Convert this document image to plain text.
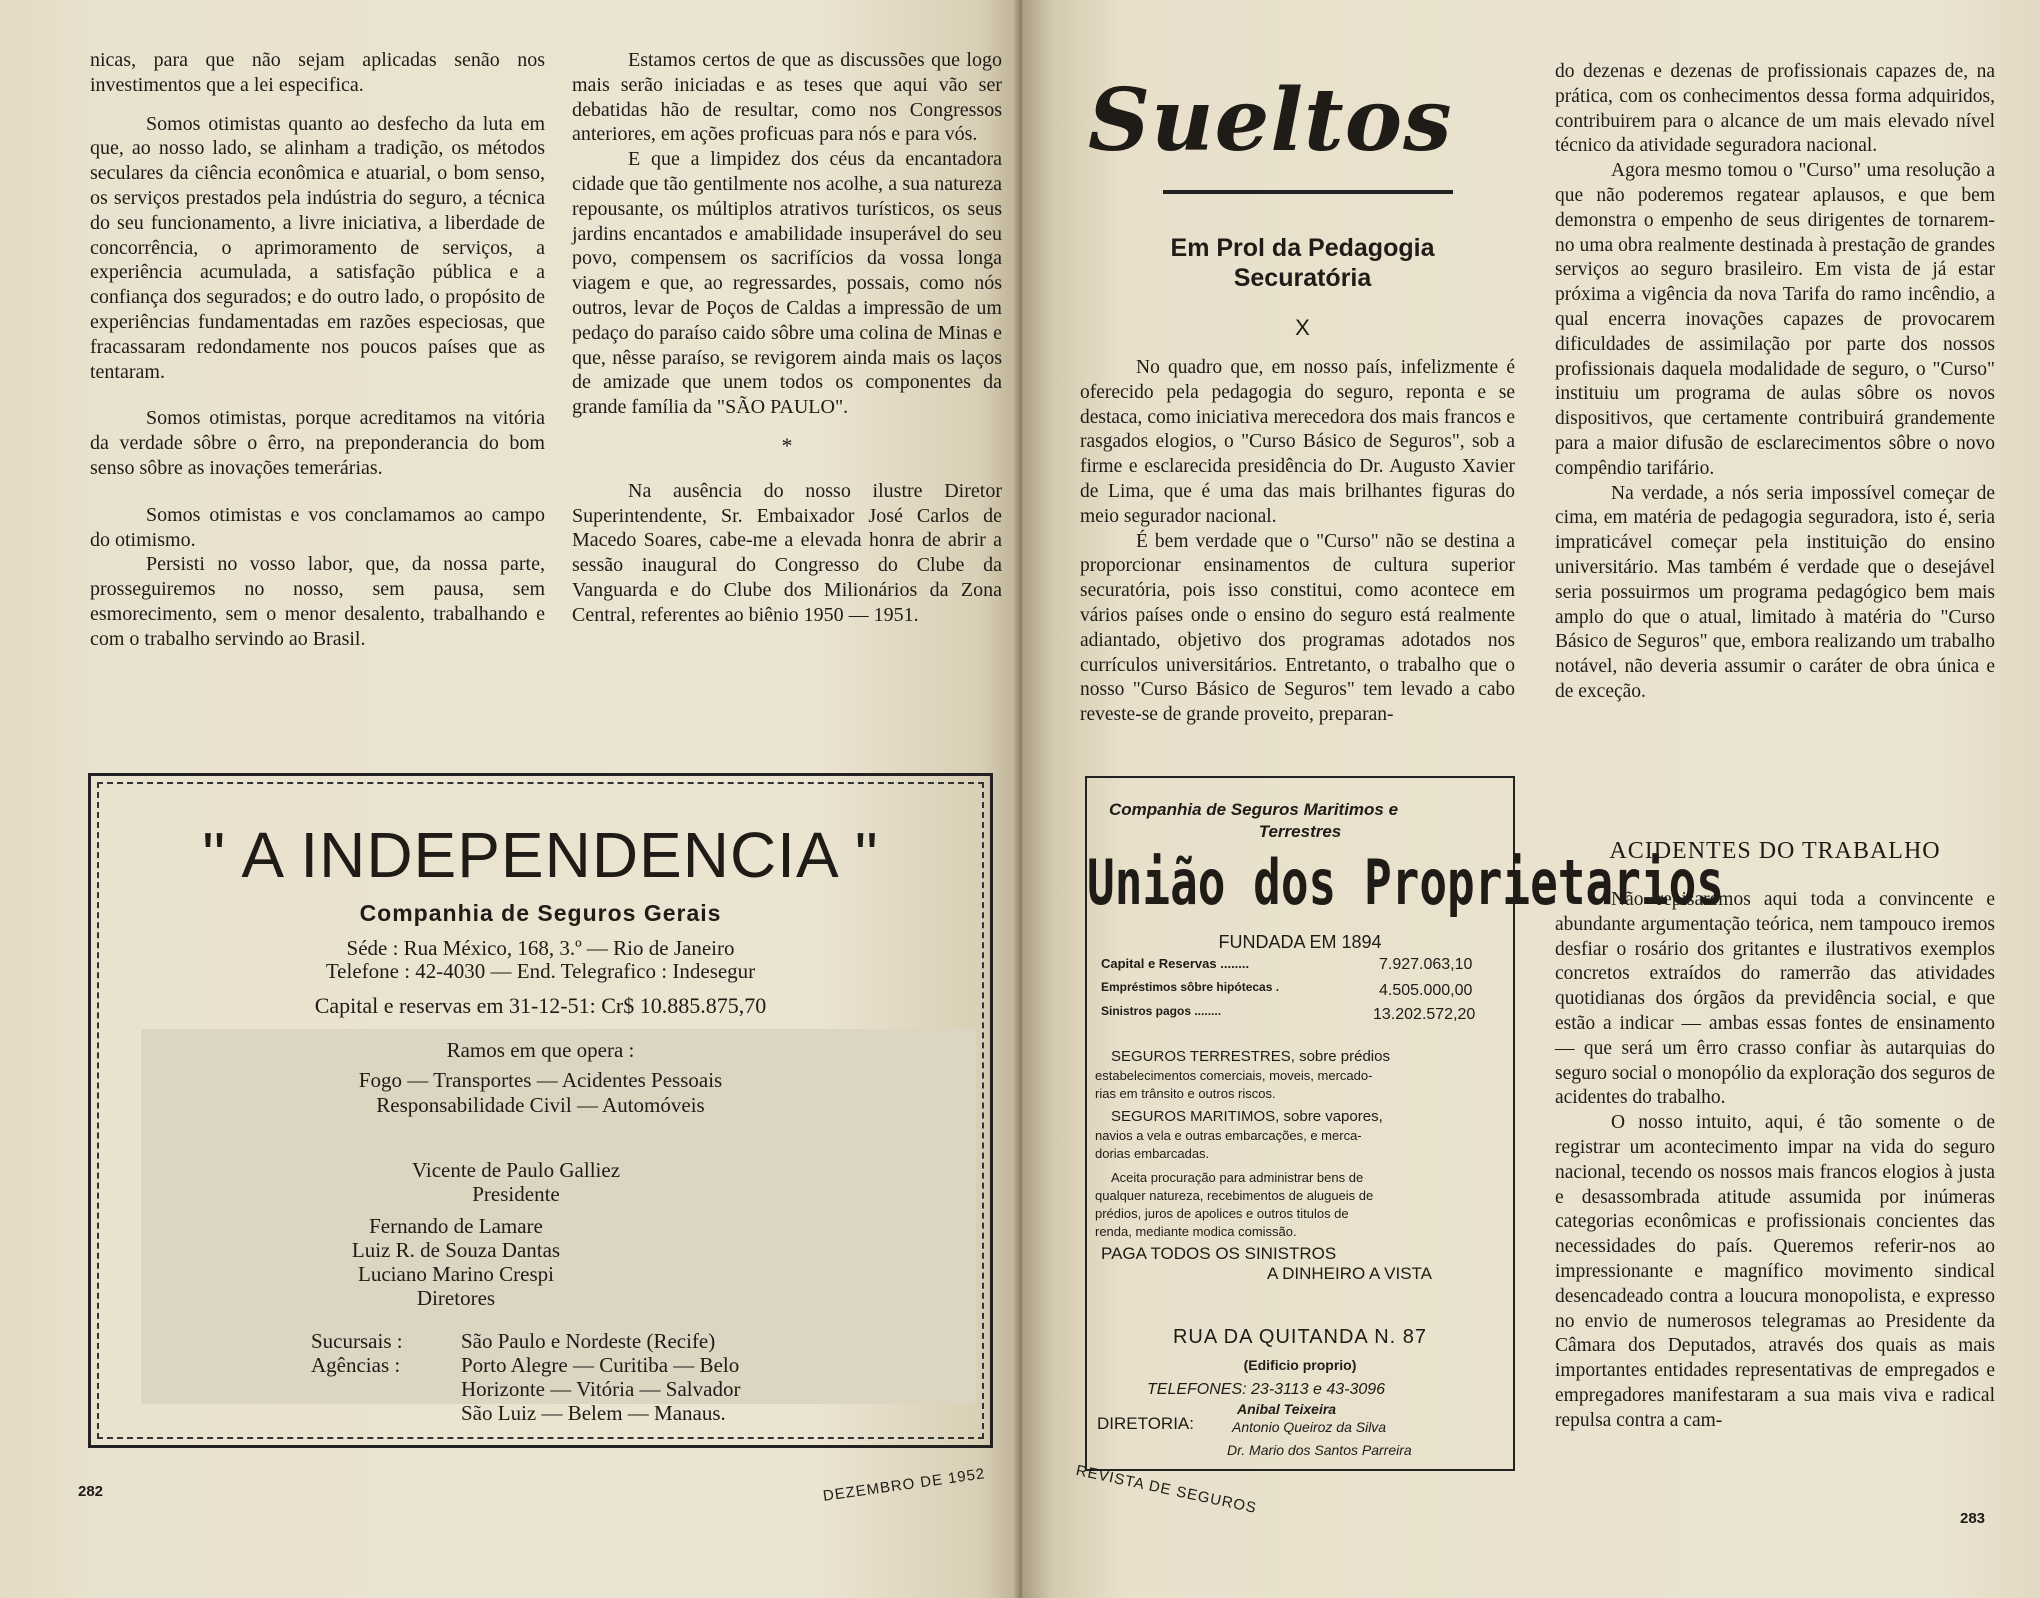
nicas, para que não sejam aplicadas senão nos investimentos que a lei especifica.

Somos otimistas quanto ao desfecho da luta em que, ao nosso lado, se alinham a tradição, os métodos seculares da ciência econômica e atuarial, o bom senso, os serviços prestados pela indústria do seguro, a técnica do seu funcionamento, a livre iniciativa, a liberdade de concorrência, o aprimoramento de serviços, a experiência acumulada, a satisfação pública e a confiança dos segurados; e do outro lado, o propósito de experiências fundamentadas em razões especiosas, que fracassaram redondamente nos poucos países que as tentaram.

Somos otimistas, porque acreditamos na vitória da verdade sôbre o êrro, na preponderancia do bom senso sôbre as inovações temerárias.

Somos otimistas e vos conclamamos ao campo do otimismo.

Persisti no vosso labor, que, da nossa parte, prosseguiremos no nosso, sem pausa, sem esmorecimento, sem o menor desalento, trabalhando e com o trabalho servindo ao Brasil.

Estamos certos de que as discussões que logo mais serão iniciadas e as teses que aqui vão ser debatidas hão de resultar, como nos Congressos anteriores, em ações proficuas para nós e para vós.

E que a limpidez dos céus da encantadora cidade que tão gentilmente nos acolhe, a sua natureza repousante, os múltiplos atrativos turísticos, os seus jardins encantados e amabilidade insuperável do seu povo, compensem os sacrifícios da vossa longa viagem e que, ao regressardes, possais, como nós outros, levar de Poços de Caldas a impressão de um pedaço do paraíso caido sôbre uma colina de Minas e que, nêsse paraíso, se revigorem ainda mais os laços de amizade que unem todos os componentes da grande família da "SÃO PAULO".

*

Na ausência do nosso ilustre Diretor Superintendente, Sr. Embaixador José Carlos de Macedo Soares, cabe-me a elevada honra de abrir a sessão inaugural do Congresso do Clube da Vanguarda e do Clube dos Milionários da Zona Central, referentes ao biênio 1950 — 1951.

" A INDEPENDENCIA "
Companhia de Seguros Gerais
Séde : Rua México, 168, 3.º — Rio de Janeiro
Telefone : 42-4030 — End. Telegrafico : Indesegur
Capital e reservas em 31-12-51: Cr$ 10.885.875,70
Ramos em que opera :
Fogo — Transportes — Acidentes Pessoais
Responsabilidade Civil — Automóveis
Vicente de Paulo Galliez
Presidente
Fernando de Lamare
Luiz R. de Souza Dantas
Luciano Marino Crespi
Diretores
Sucursais :	São Paulo e Nordeste (Recife)
Agências :	Porto Alegre — Curitiba — Belo
Horizonte — Vitória — Salvador
São Luiz — Belem — Manaus.
282	DEZEMBRO DE 1952
Sueltos
Em Prol da Pedagogia
Securatória
X

No quadro que, em nosso país, infelizmente é oferecido pela pedagogia do seguro, reponta e se destaca, como iniciativa merecedora dos mais francos e rasgados elogios, o "Curso Básico de Seguros", sob a firme e esclarecida presidência do Dr. Augusto Xavier de Lima, que é uma das mais brilhantes figuras do meio segurador nacional.

É bem verdade que o "Curso" não se destina a proporcionar ensinamentos de cultura superior securatória, pois isso constitui, como acontece em vários países onde o ensino do seguro está realmente adiantado, objetivo dos programas adotados nos currículos universitários. Entretanto, o trabalho que o nosso "Curso Básico de Seguros" tem levado a cabo reveste-se de grande proveito, preparan-

Companhia de Seguros Maritimos e
Terrestres
União dos Proprietarios
FUNDADA EM 1894
Capital e Reservas ........	7.927.063,10
Empréstimos sôbre hipótecas .	4.505.000,00
Sinistros pagos ........	13.202.572,20
SEGUROS TERRESTRES, sobre prédios
estabelecimentos comerciais, moveis, mercado-
rias em trânsito e outros riscos.
SEGUROS MARITIMOS, sobre vapores,
navios a vela e outras embarcações, e merca-
dorias embarcadas.
Aceita procuração para administrar bens de
qualquer natureza, recebimentos de alugueis de
prédios, juros de apolices e outros titulos de
renda, mediante modica comissão.
PAGA TODOS OS SINISTROS
A DINHEIRO A VISTA
RUA DA QUITANDA N. 87
(Edificio proprio)
TELEFONES: 23-3113 e 43-3096
DIRETORIA:
Anibal Teixeira
Antonio Queiroz da Silva
Dr. Mario dos Santos Parreira

do dezenas e dezenas de profissionais capazes de, na prática, com os conhecimentos dessa forma adquiridos, contribuirem para o alcance de um mais elevado nível técnico da atividade seguradora nacional.

Agora mesmo tomou o "Curso" uma resolução a que não poderemos regatear aplausos, e que bem demonstra o empenho de seus dirigentes de tornarem-no uma obra realmente destinada à prestação de grandes serviços ao seguro brasileiro. Em vista de já estar próxima a vigência da nova Tarifa do ramo incêndio, a qual encerra inovações capazes de provocarem dificuldades de assimilação por parte dos nossos profissionais daquela modalidade de seguro, o "Curso" instituiu um programa de aulas sôbre os novos dispositivos, que certamente contribuirá grandemente para a maior difusão de esclarecimentos sôbre o novo compêndio tarifário.

Na verdade, a nós seria impossível começar de cima, em matéria de pedagogia seguradora, isto é, seria impraticável começar pela instituição do ensino universitário. Mas também é verdade que o desejável seria possuirmos um programa pedagógico bem mais amplo do que o atual, limitado à matéria do "Curso Básico de Seguros" que, embora realizando um trabalho notável, não deveria assumir o caráter de obra única e de exceção.

ACIDENTES DO TRABALHO

Não repisaremos aqui toda a convincente e abundante argumentação teórica, nem tampouco iremos desfiar o rosário dos gritantes e ilustrativos exemplos concretos extraídos do ramerrão das atividades quotidianas dos órgãos da previdência social, e que estão a indicar — ambas essas fontes de ensinamento — que será um êrro crasso confiar às autarquias do seguro social o monopólio da exploração dos seguros de acidentes do trabalho.

O nosso intuito, aqui, é tão somente o de registrar um acontecimento impar na vida do seguro nacional, tecendo os nossos mais francos elogios à justa e desassombrada atitude assumida por inúmeras categorias econômicas e profissionais concientes das necessidades do país. Queremos referir-nos ao impressionante e magnífico movimento sindical desencadeado contra a loucura monopolista, e expresso no envio de numerosos telegramas ao Presidente da Câmara dos Deputados, através dos quais as mais importantes entidades representativas de empregados e empregadores manifestaram a sua mais viva e radical repulsa contra a cam-

REVISTA DE SEGUROS
283
